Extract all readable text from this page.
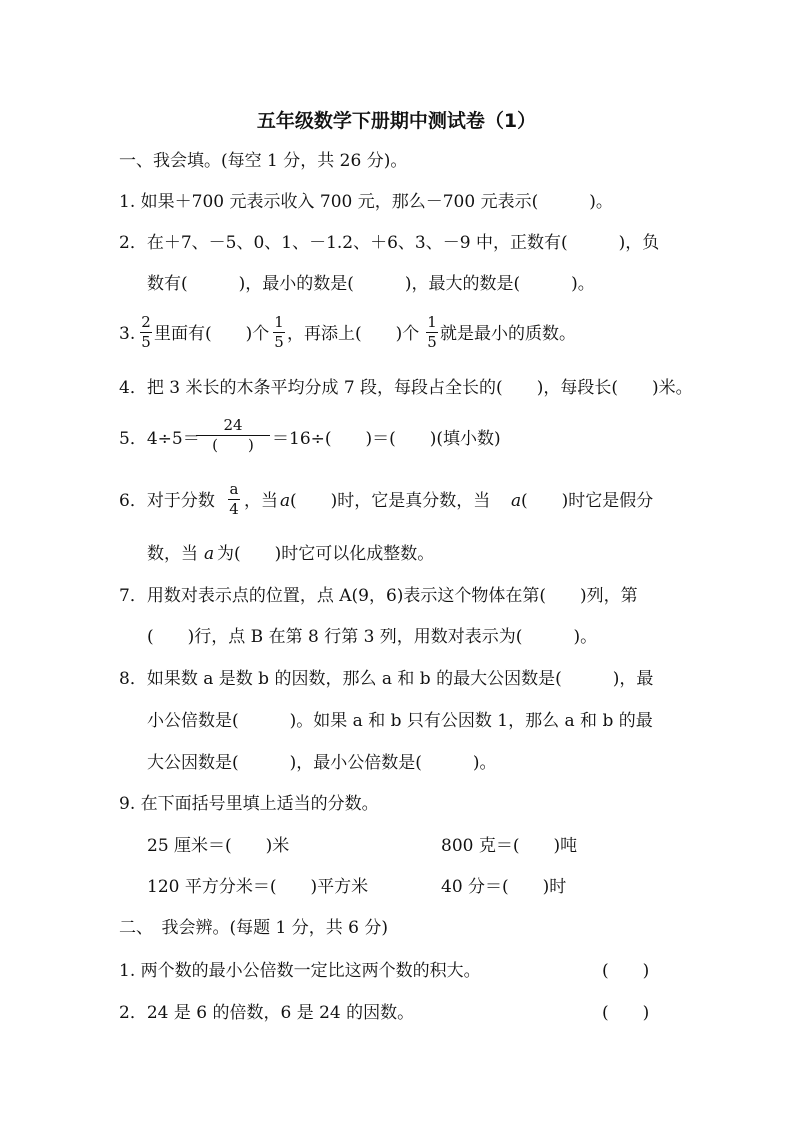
五年级数学下册期中测试卷（1）
一、我会填。(每空 1 分，共 26 分)。
1. 如果＋700 元表示收入 700 元，那么－700 元表示(　　　)。
2．在＋7、－5、0、1、－1.2、＋6、3、－9 中，正数有(　　　)，负
数有(　　　)，最小的数是(　　　)，最大的数是(　　　)。
3.
2
5 里面有(　　)个
1
5 ，再添上(　　)个
1
5 就是最小的质数。
4．把 3 米长的木条平均分成 7 段，每段占全长的(　　)，每段长(　　)米。
5．4÷5＝
24
(　　)	＝16÷(　　)＝(　　)(填小数)
6．对于分数
a
4 ，当 a (　　)时，它是真分数，当 a (　　)时它是假分
数，当 a 为(　　)时它可以化成整数。
7．用数对表示点的位置，点 A(9，6)表示这个物体在第(　　)列，第
(　　)行，点 B 在第 8 行第 3 列，用数对表示为(　　　)。
8．如果数 a 是数 b 的因数，那么 a 和 b 的最大公因数是(　　　)，最
小公倍数是(　　　)。如果 a 和 b 只有公因数 1，那么 a 和 b 的最
大公因数是(　　　)，最小公倍数是(　　　)。
9. 在下面括号里填上适当的分数。
25 厘米＝(　　)米	800 克＝(　　)吨
120 平方分米＝(　　)平方米	40 分＝(　　)时
二、　我会辨。(每题 1 分，共 6 分)
1. 两个数的最小公倍数一定比这两个数的积大。	(　　)
2．24 是 6 的倍数，6 是 24 的因数。	(　　)
